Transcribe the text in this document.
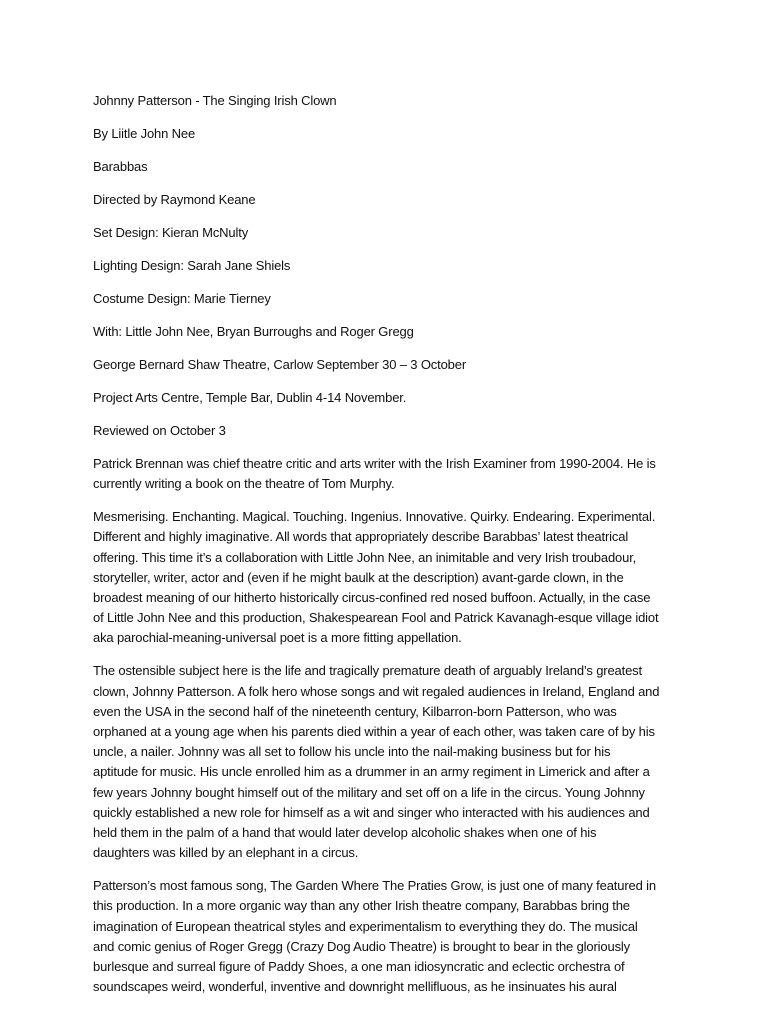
Johnny Patterson - The Singing Irish Clown
By Liitle John Nee
Barabbas
Directed by Raymond Keane
Set Design: Kieran McNulty
Lighting Design: Sarah Jane Shiels
Costume Design: Marie Tierney
With: Little John Nee, Bryan Burroughs and Roger Gregg
George Bernard Shaw Theatre, Carlow September 30 – 3 October
Project Arts Centre, Temple Bar, Dublin 4-14 November.
Reviewed on October 3
Patrick Brennan was chief theatre critic and arts writer with the Irish Examiner from 1990-2004. He is
currently writing a book on the theatre of Tom Murphy.
Mesmerising. Enchanting. Magical. Touching. Ingenius. Innovative. Quirky. Endearing. Experimental.
Different and highly imaginative. All words that appropriately describe Barabbas’ latest theatrical
offering. This time it’s a collaboration with Little John Nee, an inimitable and very Irish troubadour,
storyteller, writer, actor and (even if he might baulk at the description) avant-garde clown, in the
broadest meaning of our hitherto historically circus-confined red nosed buffoon. Actually, in the case
of Little John Nee and this production, Shakespearean Fool and Patrick Kavanagh-esque village idiot
aka parochial-meaning-universal poet is a more fitting appellation.
The ostensible subject here is the life and tragically premature death of arguably Ireland’s greatest
clown, Johnny Patterson. A folk hero whose songs and wit regaled audiences in Ireland, England and
even the USA in the second half of the nineteenth century, Kilbarron-born Patterson, who was
orphaned at a young age when his parents died within a year of each other, was taken care of by his
uncle, a nailer. Johnny was all set to follow his uncle into the nail-making business but for his
aptitude for music. His uncle enrolled him as a drummer in an army regiment in Limerick and after a
few years Johnny bought himself out of the military and set off on a life in the circus. Young Johnny
quickly established a new role for himself as a wit and singer who interacted with his audiences and
held them in the palm of a hand that would later develop alcoholic shakes when one of his
daughters was killed by an elephant in a circus.
Patterson’s most famous song, The Garden Where The Praties Grow, is just one of many featured in
this production. In a more organic way than any other Irish theatre company, Barabbas bring the
imagination of European theatrical styles and experimentalism to everything they do. The musical
and comic genius of Roger Gregg (Crazy Dog Audio Theatre) is brought to bear in the gloriously
burlesque and surreal figure of Paddy Shoes, a one man idiosyncratic and eclectic orchestra of
soundscapes weird, wonderful, inventive and downright mellifluous, as he insinuates his aural
